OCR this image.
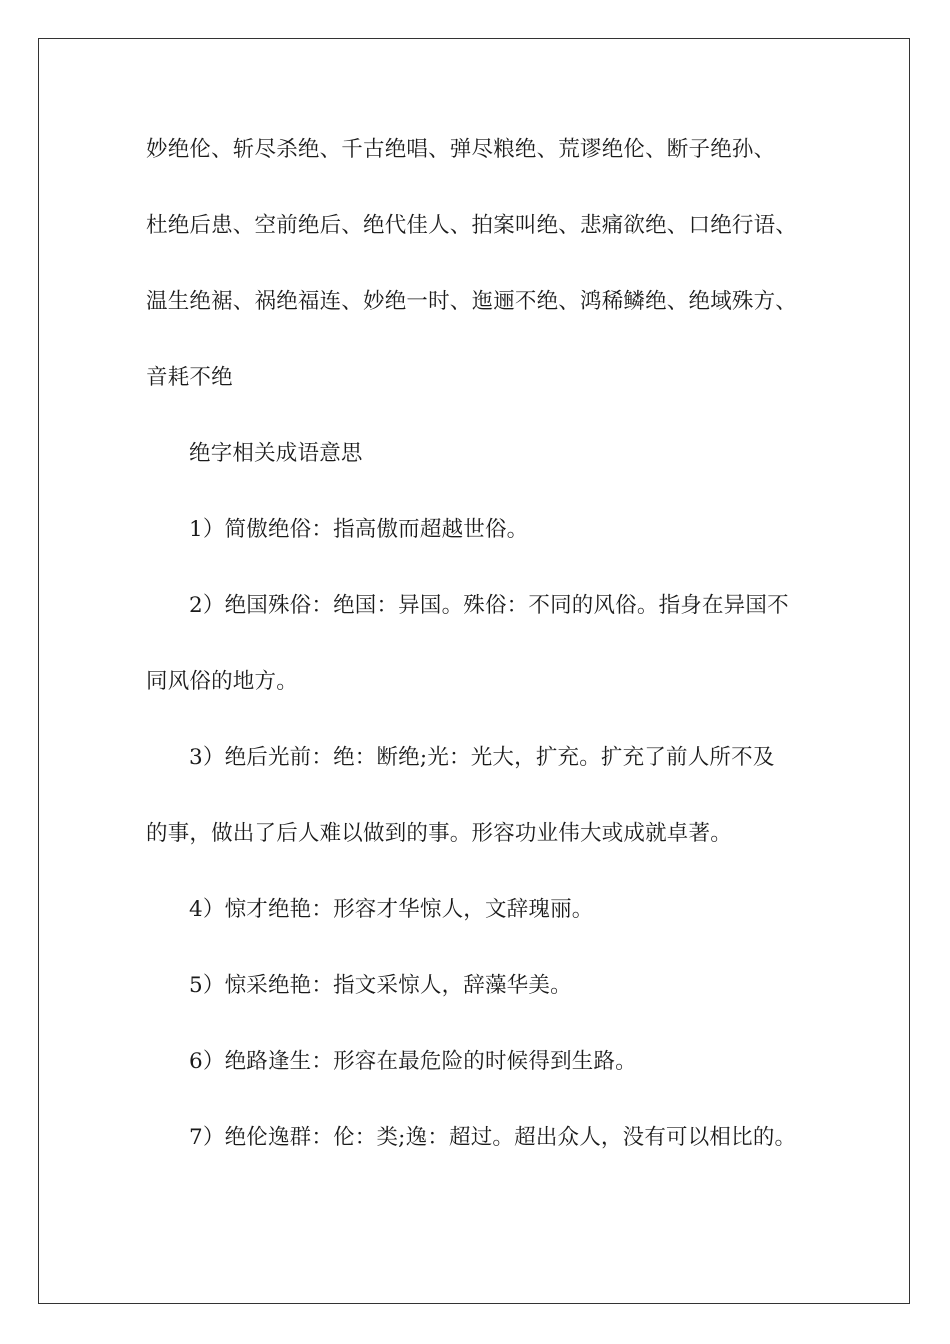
妙绝伦、斩尽杀绝、千古绝唱、弹尽粮绝、荒谬绝伦、断子绝孙、
杜绝后患、空前绝后、绝代佳人、拍案叫绝、悲痛欲绝、口绝行语、
温生绝裾、祸绝福连、妙绝一时、迤逦不绝、鸿稀鳞绝、绝域殊方、
音耗不绝
绝字相关成语意思
1）简傲绝俗：指高傲而超越世俗。
2）绝国殊俗：绝国：异国。殊俗：不同的风俗。指身在异国不
同风俗的地方。
3）绝后光前：绝：断绝;光：光大，扩充。扩充了前人所不及
的事，做出了后人难以做到的事。形容功业伟大或成就卓著。
4）惊才绝艳：形容才华惊人，文辞瑰丽。
5）惊采绝艳：指文采惊人，辞藻华美。
6）绝路逢生：形容在最危险的时候得到生路。
7）绝伦逸群：伦：类;逸：超过。超出众人，没有可以相比的。
